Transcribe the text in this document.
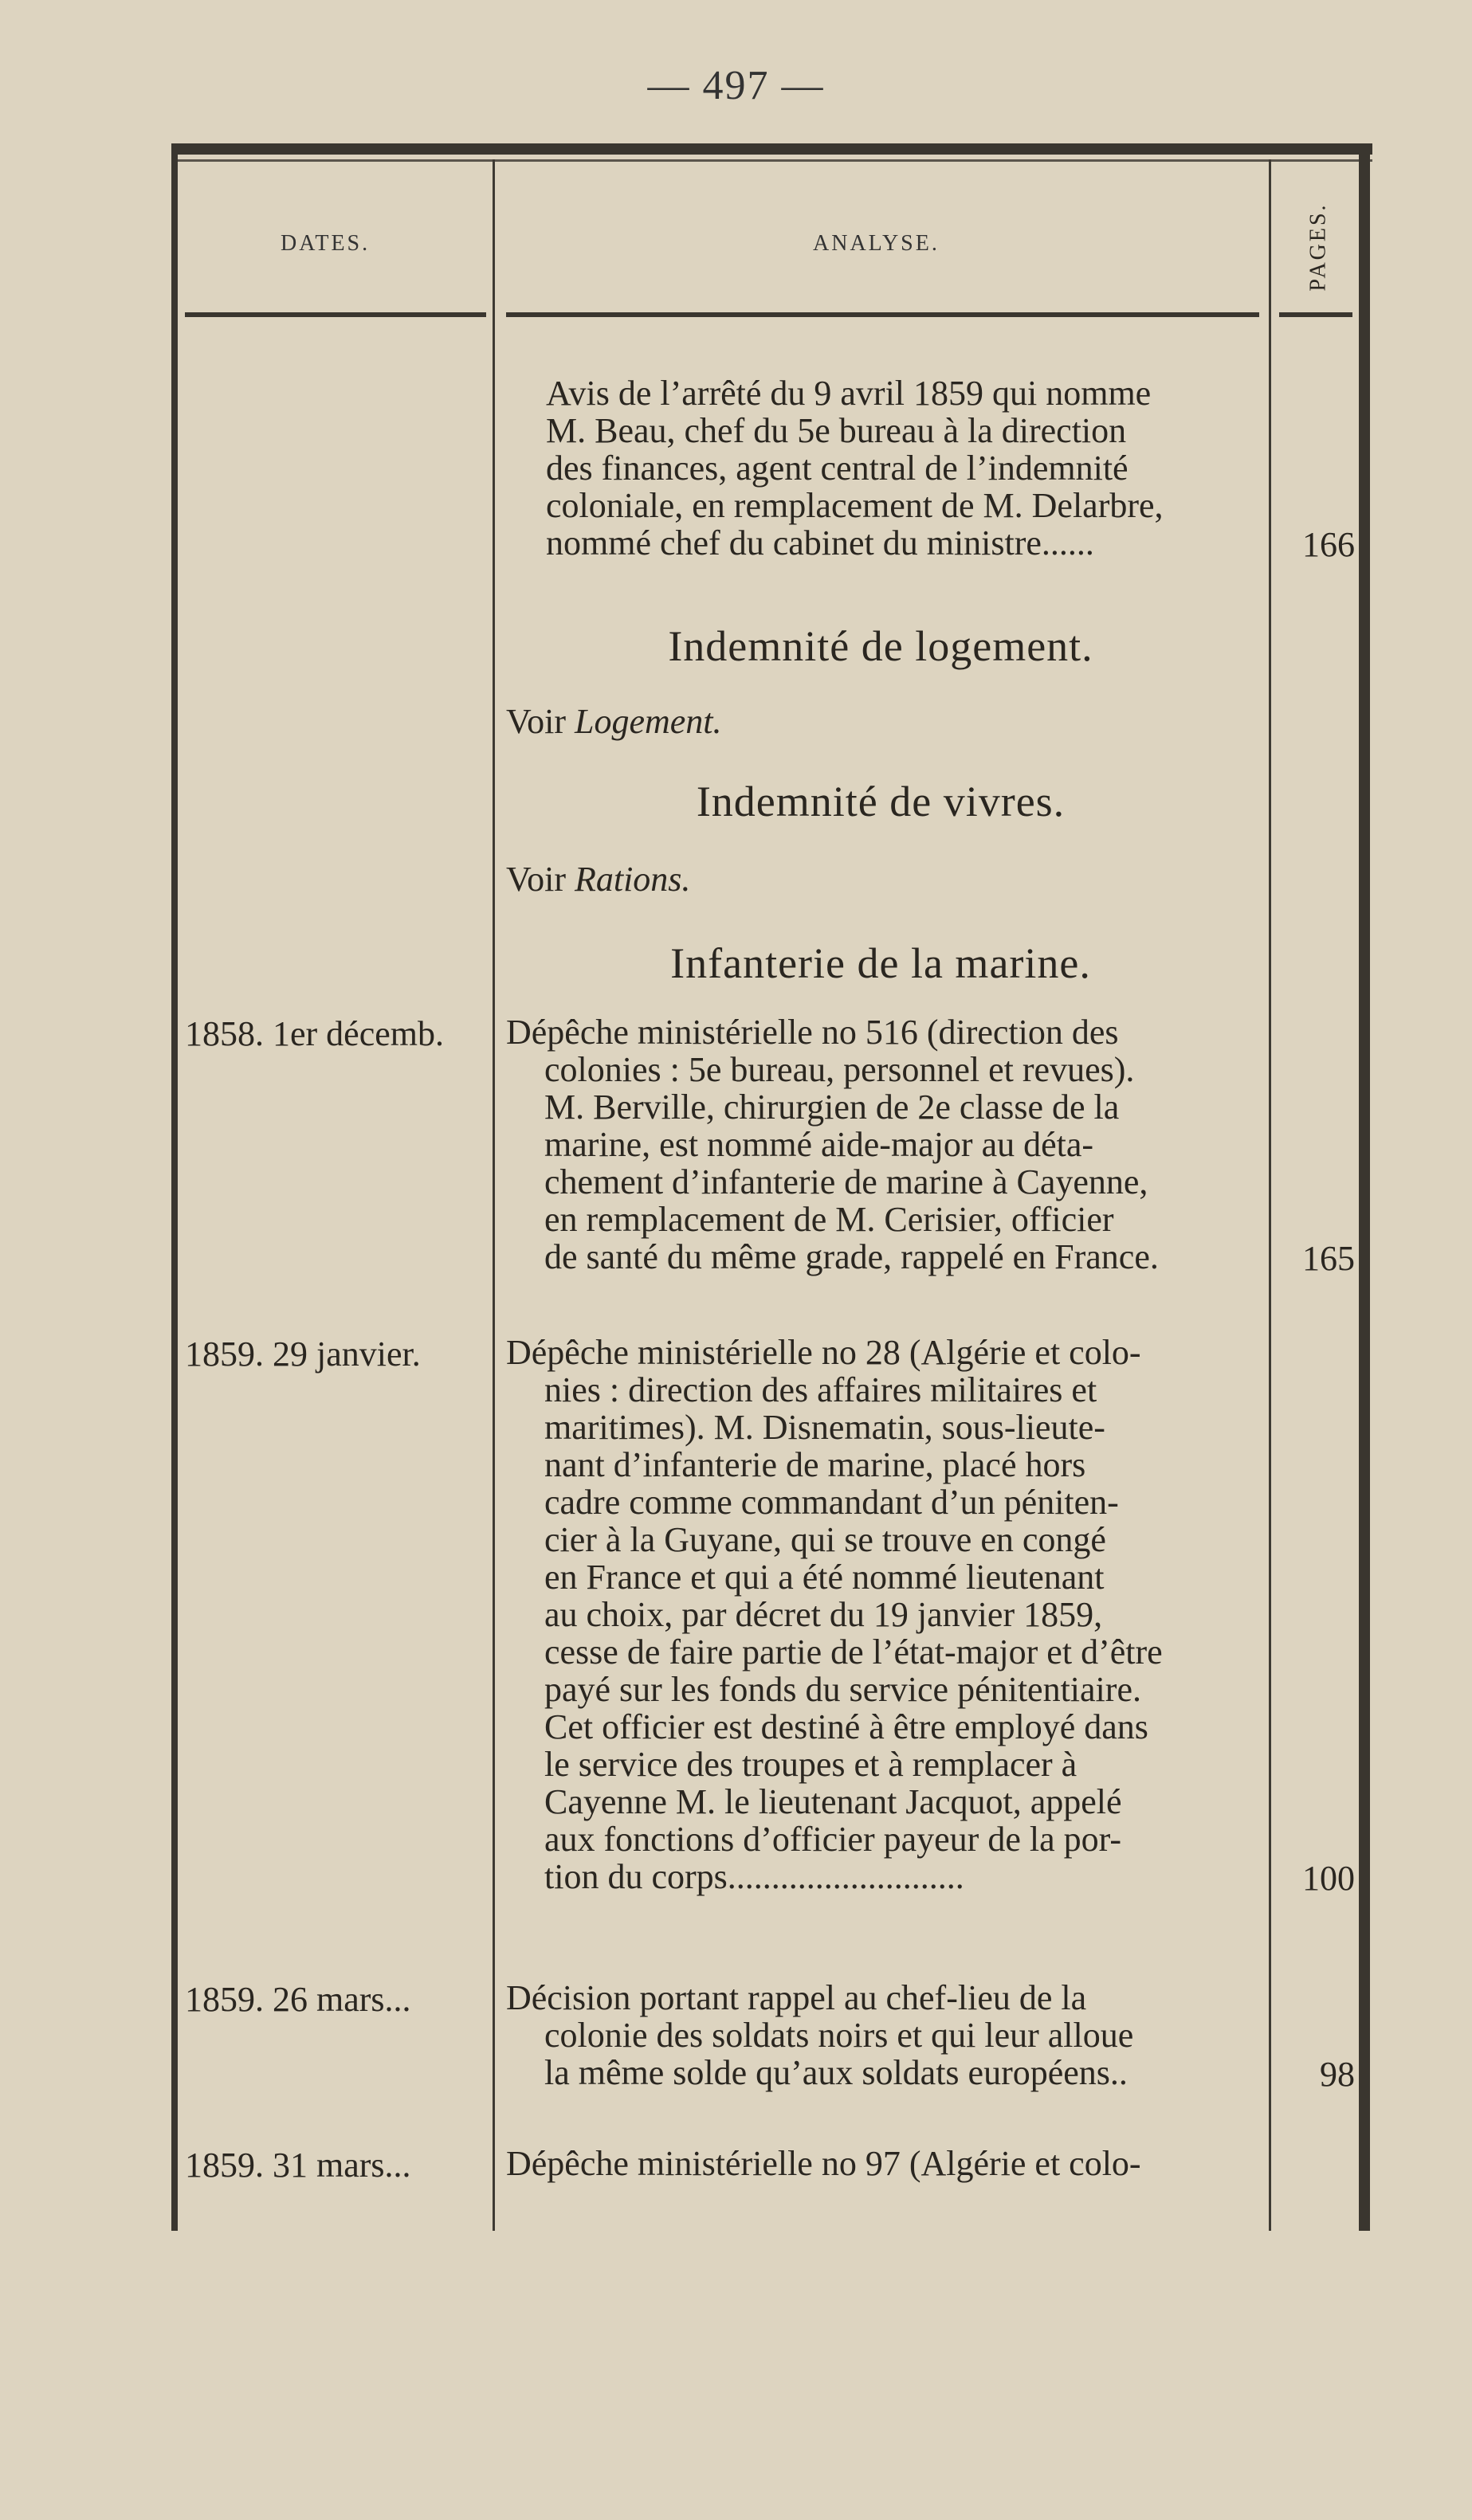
— 497 —
DATES.	ANALYSE.	PAGES.
Avis de l’arrêté du 9 avril 1859 qui nomme
M. Beau, chef du 5e bureau à la direction
des finances, agent central de l’indemnité
coloniale, en remplacement de M. Delarbre,
nommé chef du cabinet du ministre......	166
Indemnité de logement.
Voir Logement.
Indemnité de vivres.
Voir Rations.
Infanterie de la marine.
1858. 1er décemb.	Dépêche ministérielle no 516 (direction des
colonies : 5e bureau, personnel et revues).
M. Berville, chirurgien de 2e classe de la
marine, est nommé aide-major au déta-
chement d’infanterie de marine à Cayenne,
en remplacement de M. Cerisier, officier
de santé du même grade, rappelé en France.	165
1859. 29 janvier.	Dépêche ministérielle no 28 (Algérie et colo-
nies : direction des affaires militaires et
maritimes). M. Disnematin, sous-lieute-
nant d’infanterie de marine, placé hors
cadre comme commandant d’un péniten-
cier à la Guyane, qui se trouve en congé
en France et qui a été nommé lieutenant
au choix, par décret du 19 janvier 1859,
cesse de faire partie de l’état-major et d’être
payé sur les fonds du service pénitentiaire.
Cet officier est destiné à être employé dans
le service des troupes et à remplacer à
Cayenne M. le lieutenant Jacquot, appelé
aux fonctions d’officier payeur de la por-
tion du corps...........................	100
1859. 26 mars...	Décision portant rappel au chef-lieu de la
colonie des soldats noirs et qui leur alloue
la même solde qu’aux soldats européens..	98
1859. 31 mars...	Dépêche ministérielle no 97 (Algérie et colo-
